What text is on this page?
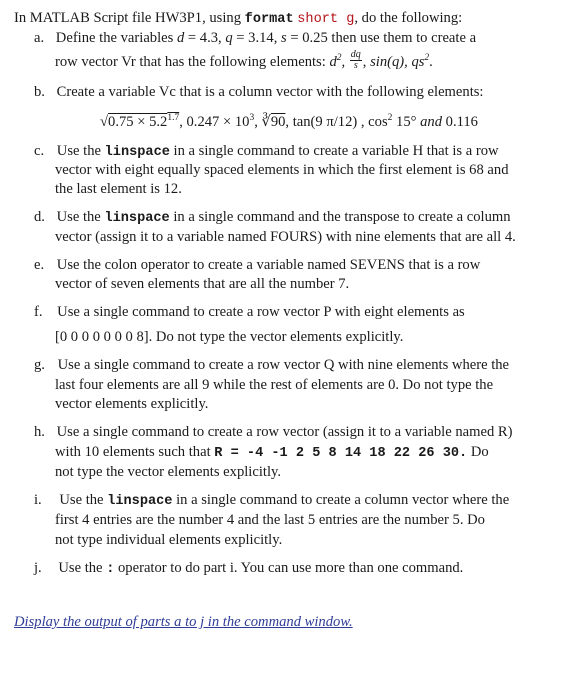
In MATLAB Script file HW3P1, using format short g, do the following:
a. Define the variables d = 4.3, q = 3.14, s = 0.25 then use them to create a
row vector Vr that has the following elements: $d^2$, $\frac{dq}{s}$ , sin(q), $qs^2$.
b. Create a variable Vc that is a column vector with the following elements:
$√0.75 \times 5.2^{1.7}$, $0.247 \times 10^3$, ∛90, tan(9 π/12) , $\cos^2 15^\circ$ and 0.116
c. Use the linspace in a single command to create a variable H that is a row
vector with eight equally spaced elements in which the first element is 68 and
the last element is 12.
d. Use the linspace in a single command and the transpose to create a column
vector (assign it to a variable named FOURS) with nine elements that are all 4.
e. Use the colon operator to create a variable named SEVENS that is a row
vector of seven elements that are all the number 7.
f. Use a single command to create a row vector P with eight elements as
[0 0 0 0 0 0 0 8]. Do not type the vector elements explicitly.
g. Use a single command to create a row vector Q with nine elements where the
last four elements are all 9 while the rest of elements are 0. Do not type the
vector elements explicitly.
h. Use a single command to create a row vector (assign it to a variable named R)
with 10 elements such that R = -4 -1 2 5 8 14 18 22 26 30. Do
not type the vector elements explicitly.
i. Use the linspace in a single command to create a column vector where the
first 4 entries are the number 4 and the last 5 entries are the number 5. Do
not type individual elements explicitly.
j. Use the : operator to do part i. You can use more than one command.
Display the output of parts a to j in the command window.
